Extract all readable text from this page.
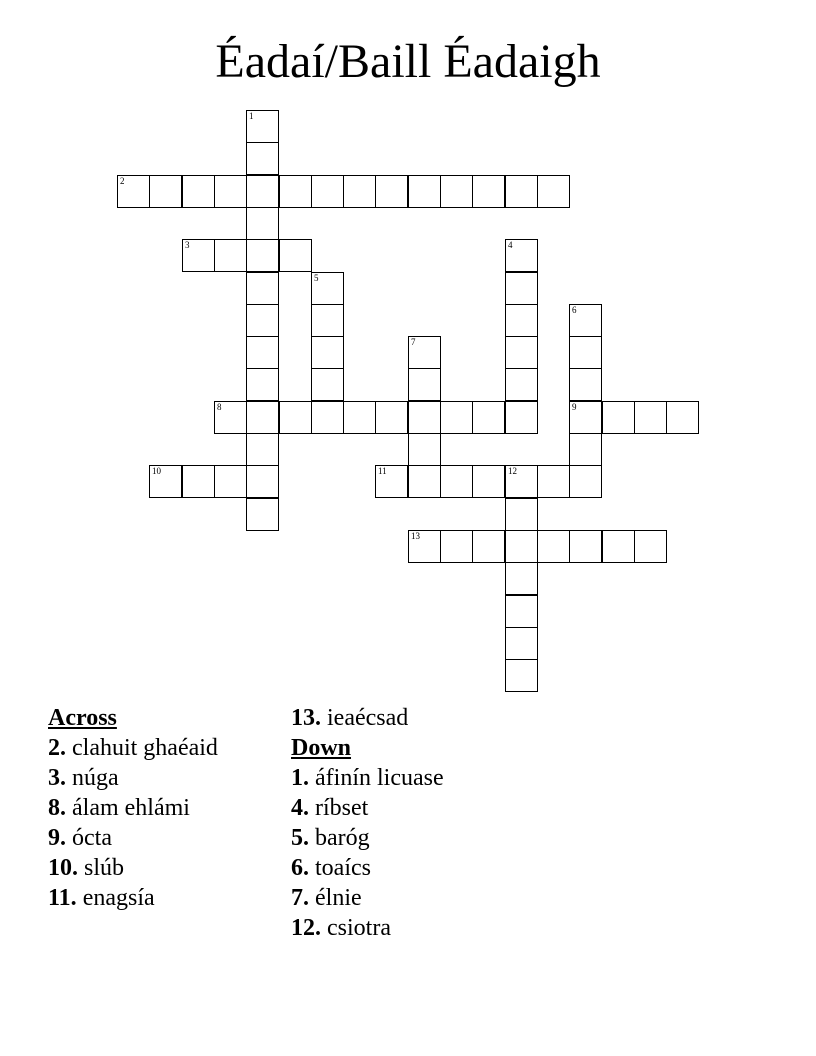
Éadaí/Baill Éadaigh
1
2
3	4
5
6
9
7
8
10	11	12
13
Across
2. clahuit ghaéaid
3. núga
8. álam ehlámi
9. ócta
10. slúb
11. enagsía
13. ieaécsad
Down
1. áfinín licuase
4. ríbset
5. baróg
6. toaícs
7. élnie
12. csiotra
